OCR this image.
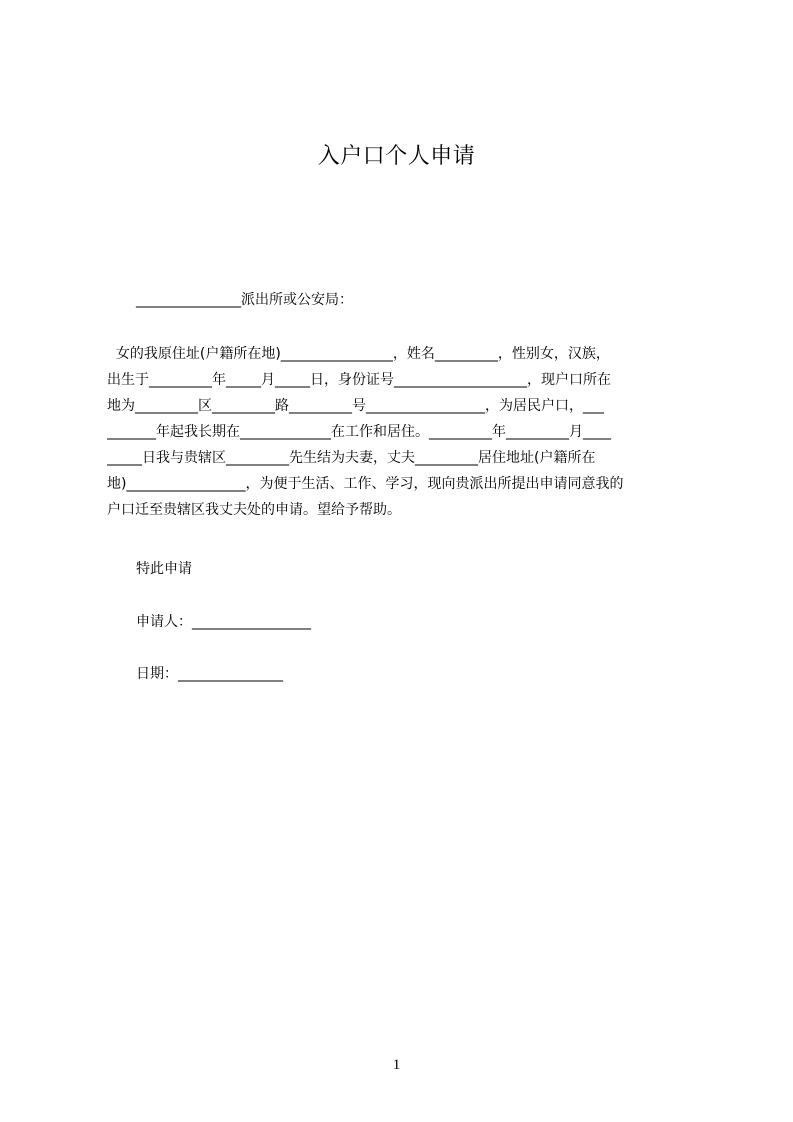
入户口个人申请
_______________派出所或公安局：
女的我原住址(户籍所在地)________________，姓名_________，性别女，汉族，
出生于_________年_____月_____日，身份证号___________________，现户口所在
地为_________区_________路_________号_________________，为居民户口，___
_______年起我长期在_____________在工作和居住。_________年_________月____
_____日我与贵辖区_________先生结为夫妻，丈夫_________居住地址(户籍所在
地)_________________，为便于生活、工作、学习，现向贵派出所提出申请同意我的
户口迁至贵辖区我丈夫处的申请。望给予帮助。
特此申请
申请人：_________________
日期：_______________
1
